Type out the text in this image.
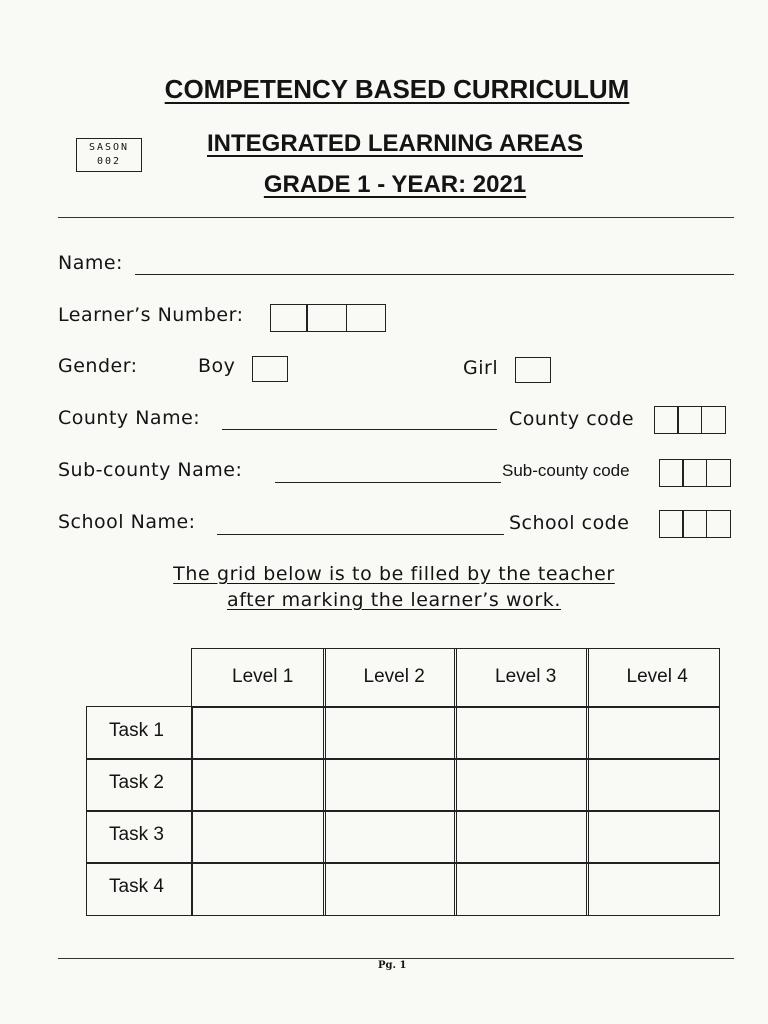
COMPETENCY BASED CURRICULUM
SASON
002
INTEGRATED LEARNING AREAS
GRADE 1 - YEAR: 2021
Name:
Learner’s Number:
Gender:	Boy	Girl
County Name:	County code
Sub-county Name:	Sub-county code
School Name:	School code
The grid below is to be filled by the teacher
after marking the learner’s work.
Level 1	Level 2	Level 3	Level 4
Task 1
Task 2
Task 3
Task 4
Pg. 1
